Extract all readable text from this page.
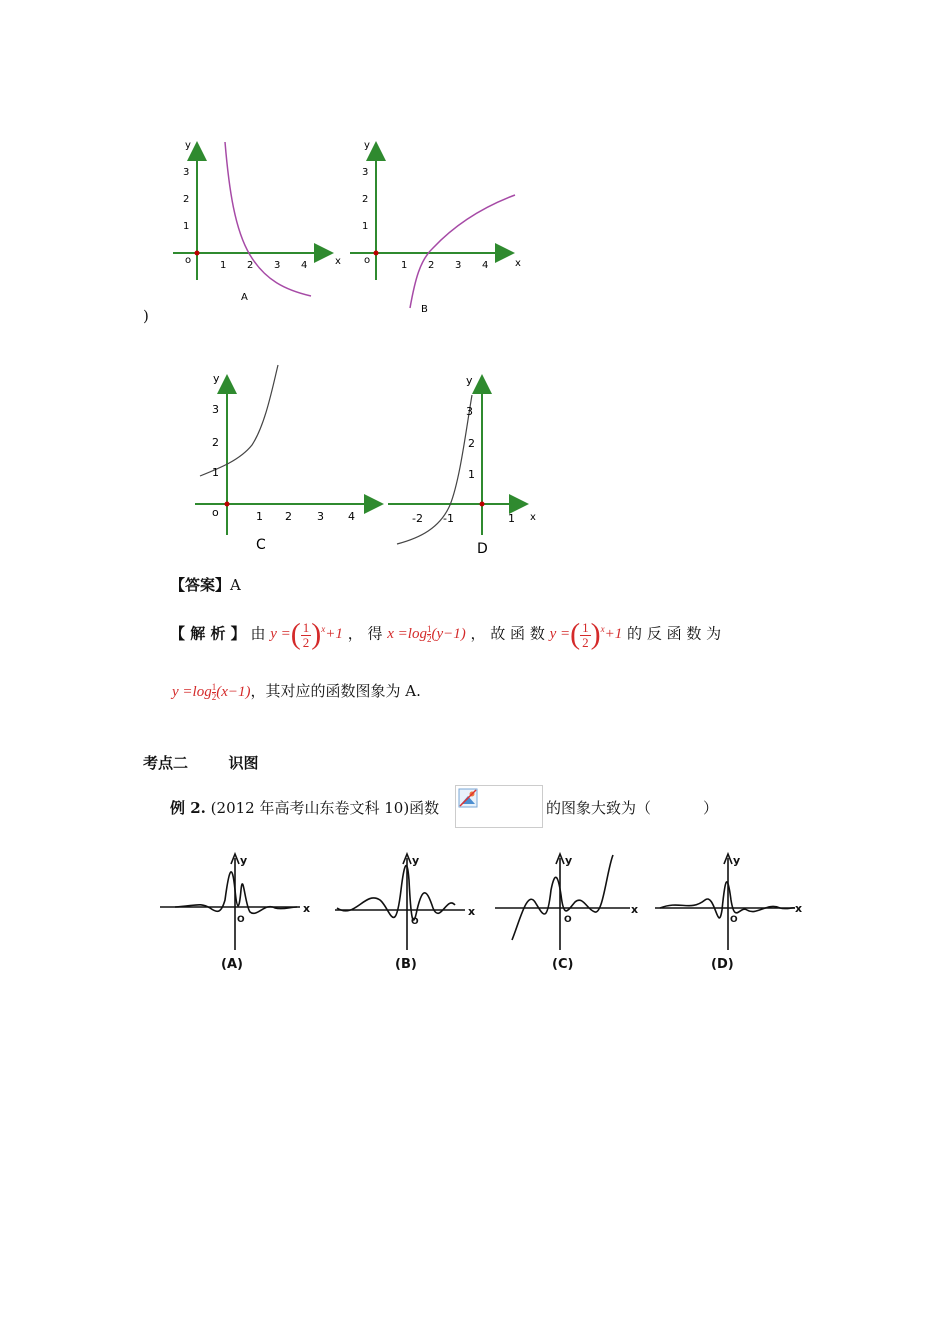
)
y
x
o	1 2 3 4
1
2
3
A
y
x
o	1 2 3 4
1
2
3
B
y
o	1 2 3 4
1
2
3
C
y
x
-2 -1	1
1
2
3
D
【答案】A
【 解 析 】 由 y =( $\frac{1}{2} )^x+1$ ， 得 $x =\log \frac{1}{2}(y-1)$ ， 故 函 数 y =( $\frac{1}{2} )^x+1$ 的 反 函 数 为
$y =\log \frac{1}{2}(x-1)$，其对应的函数图象为 A.
考点二	识图
例 2. (2012 年高考山东卷文科 10)函数	的图象大致为（	）
y
x
O
y
x
O
y
x
O
y
x
O
(A)	(B)	(C)	(D)
